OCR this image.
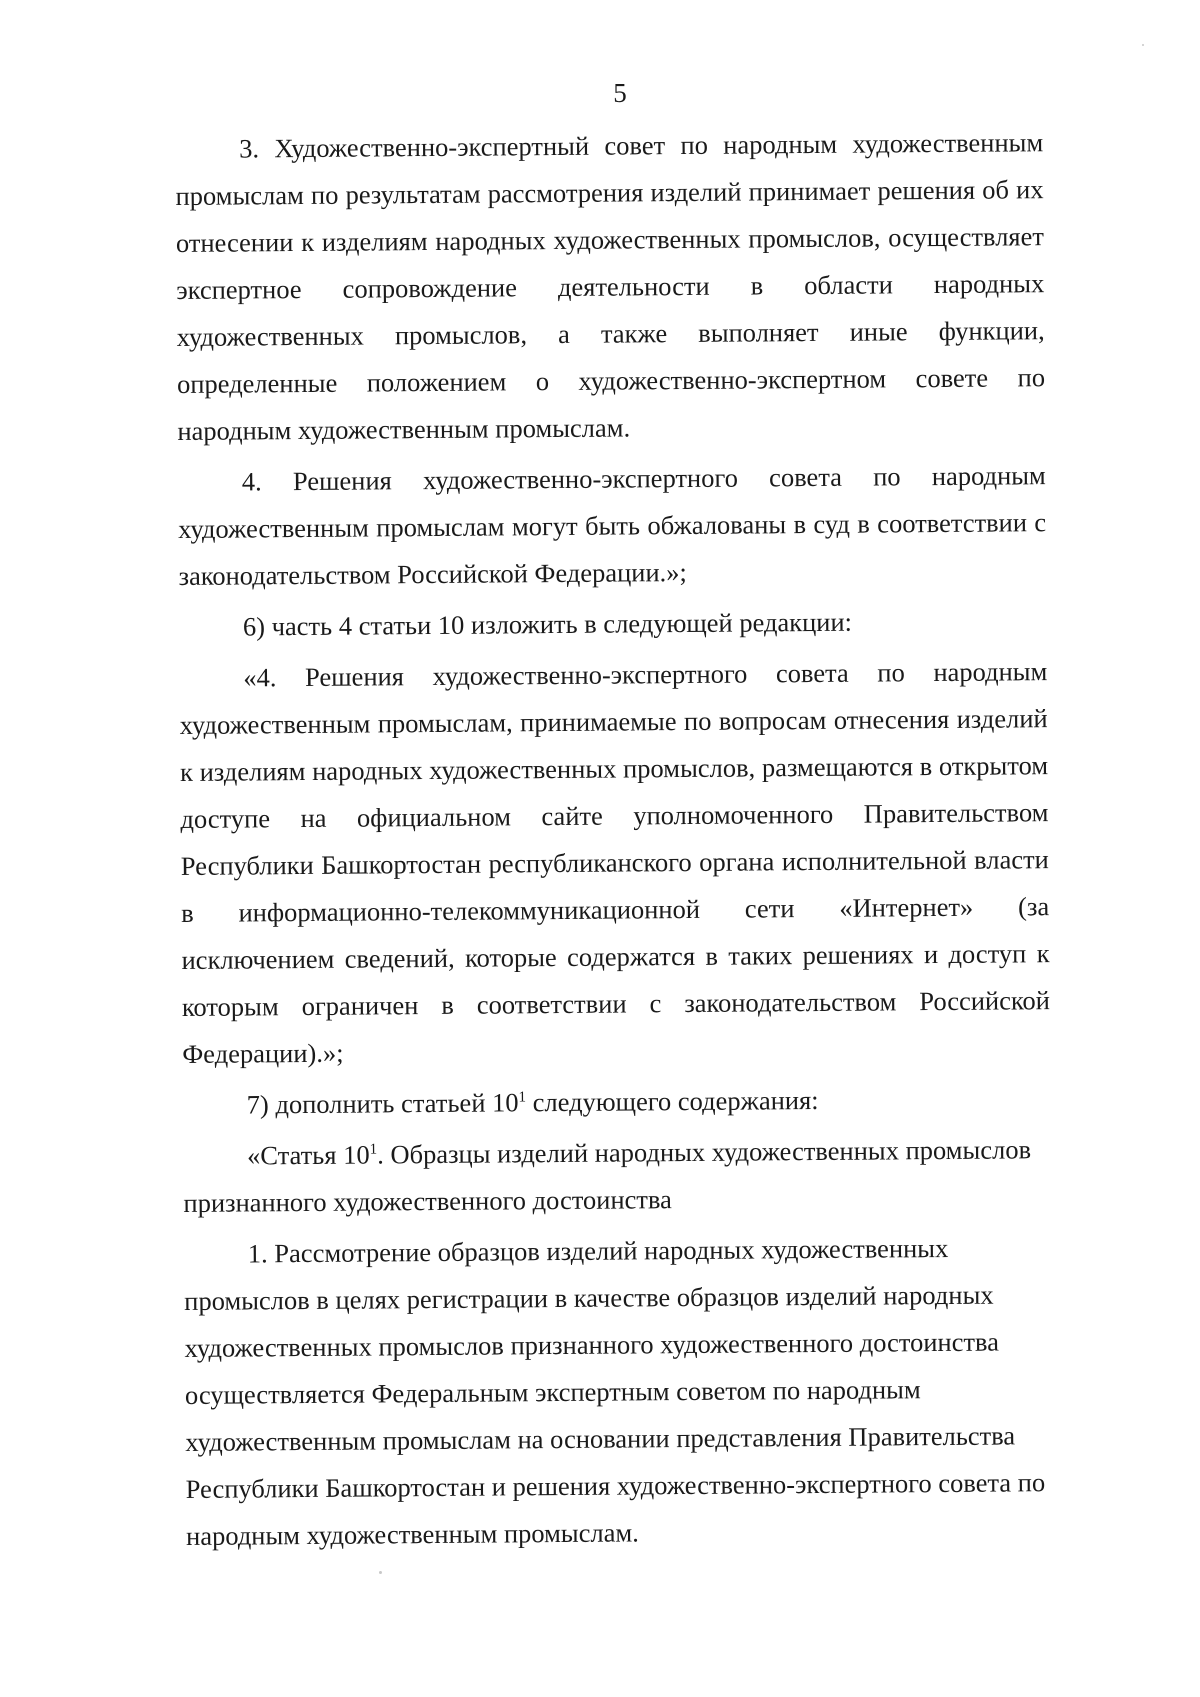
5

3. Художественно-экспертный совет по народным художественным промыслам по результатам рассмотрения изделий принимает решения об их отнесении к изделиям народных художественных промыслов, осуществляет экспертное сопровождение деятельности в области народных художественных промыслов, а также выполняет иные функции, определенные положением о художественно-экспертном совете по народным художественным промыслам.

4. Решения художественно-экспертного совета по народным художественным промыслам могут быть обжалованы в суд в соответствии с законодательством Российской Федерации.»;

6) часть 4 статьи 10 изложить в следующей редакции:

«4. Решения художественно-экспертного совета по народным художественным промыслам, принимаемые по вопросам отнесения изделий к изделиям народных художественных промыслов, размещаются в открытом доступе на официальном сайте уполномоченного Правительством Республики Башкортостан республиканского органа исполнительной власти в информационно-телекоммуникационной сети «Интернет» (за исключением сведений, которые содержатся в таких решениях и доступ к которым ограничен в соответствии с законодательством Российской Федерации).»;

7) дополнить статьей $10^1$ следующего содержания:

«Статья $10^1$. Образцы изделий народных художественных промыслов признанного художественного достоинства

1. Рассмотрение образцов изделий народных художественных промыслов в целях регистрации в качестве образцов изделий народных художественных промыслов признанного художественного достоинства осуществляется Федеральным экспертным советом по народным художественным промыслам на основании представления Правительства Республики Башкортостан и решения художественно-экспертного совета по народным художественным промыслам.
